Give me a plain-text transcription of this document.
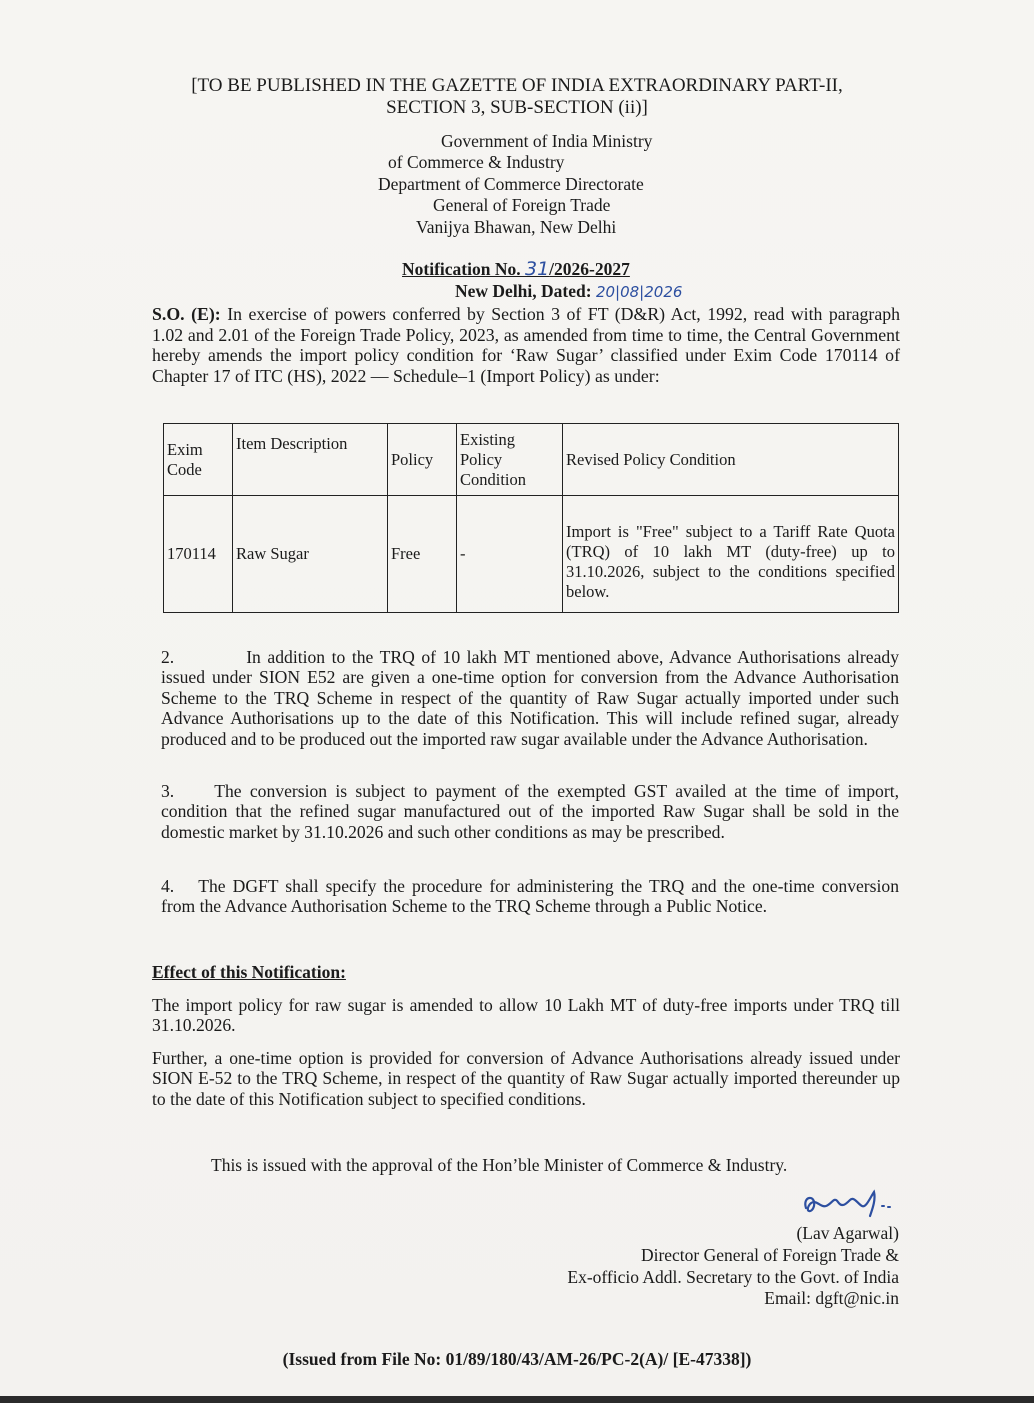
[TO BE PUBLISHED IN THE GAZETTE OF INDIA EXTRAORDINARY PART-II,
SECTION 3, SUB-SECTION (ii)]
Government of India Ministry
of Commerce & Industry
Department of Commerce Directorate
General of Foreign Trade
Vanijya Bhawan, New Delhi
Notification No. 31/2026-2027
New Delhi, Dated: 20|08|2026
S.O. (E): In exercise of powers conferred by Section 3 of FT (D&R) Act, 1992, read with paragraph 1.02 and 2.01 of the Foreign Trade Policy, 2023, as amended from time to time, the Central Government hereby amends the import policy condition for ‘Raw Sugar’ classified under Exim Code 170114 of Chapter 17 of ITC (HS), 2022 — Schedule–1 (Import Policy) as under:
Exim Code	Item Description	Policy	Existing Policy Condition	Revised Policy Condition
170114	Raw Sugar	Free	-	Import is "Free" subject to a Tariff Rate Quota (TRQ) of 10 lakh MT (duty-free) up to 31.10.2026, subject to the conditions specified below.
2.	In addition to the TRQ of 10 lakh MT mentioned above, Advance Authorisations already issued under SION E52 are given a one-time option for conversion from the Advance Authorisation Scheme to the TRQ Scheme in respect of the quantity of Raw Sugar actually imported under such Advance Authorisations up to the date of this Notification. This will include refined sugar, already produced and to be produced out the imported raw sugar available under the Advance Authorisation.
3. The conversion is subject to payment of the exempted GST availed at the time of import, condition that the refined sugar manufactured out of the imported Raw Sugar shall be sold in the domestic market by 31.10.2026 and such other conditions as may be prescribed.
4. The DGFT shall specify the procedure for administering the TRQ and the one-time conversion from the Advance Authorisation Scheme to the TRQ Scheme through a Public Notice.
Effect of this Notification:
The import policy for raw sugar is amended to allow 10 Lakh MT of duty-free imports under TRQ till 31.10.2026.
Further, a one-time option is provided for conversion of Advance Authorisations already issued under SION E-52 to the TRQ Scheme, in respect of the quantity of Raw Sugar actually imported thereunder up to the date of this Notification subject to specified conditions.
This is issued with the approval of the Hon’ble Minister of Commerce & Industry.
(Lav Agarwal)
Director General of Foreign Trade &
Ex-officio Addl. Secretary to the Govt. of India
Email: dgft@nic.in
(Issued from File No: 01/89/180/43/AM-26/PC-2(A)/ [E-47338])
